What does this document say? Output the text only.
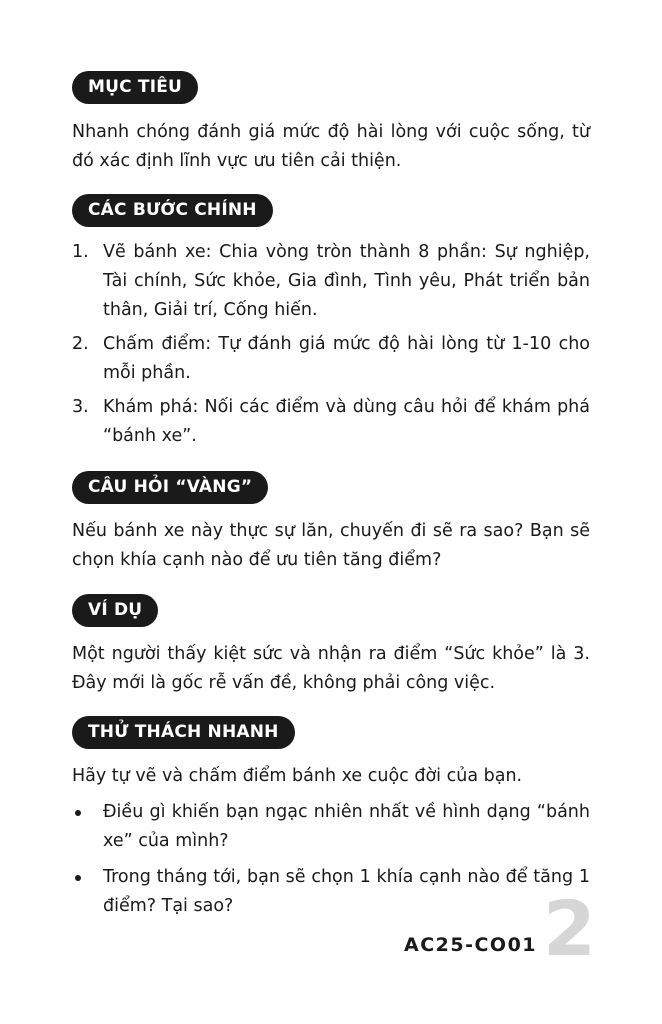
MỤC TIÊU

Nhanh chóng đánh giá mức độ hài lòng với cuộc sống, từ đó xác định lĩnh vực ưu tiên cải thiện.

CÁC BƯỚC CHÍNH
1. Vẽ bánh xe: Chia vòng tròn thành 8 phần: Sự nghiệp, Tài chính, Sức khỏe, Gia đình, Tình yêu, Phát triển bản thân, Giải trí, Cống hiến.
2. Chấm điểm: Tự đánh giá mức độ hài lòng từ 1-10 cho mỗi phần.
3. Khám phá: Nối các điểm và dùng câu hỏi để khám phá “bánh xe”.
CÂU HỎI “VÀNG”

Nếu bánh xe này thực sự lăn, chuyến đi sẽ ra sao? Bạn sẽ chọn khía cạnh nào để ưu tiên tăng điểm?

VÍ DỤ

Một người thấy kiệt sức và nhận ra điểm “Sức khỏe” là 3. Đây mới là gốc rễ vấn đề, không phải công việc.

THỬ THÁCH NHANH

Hãy tự vẽ và chấm điểm bánh xe cuộc đời của bạn.

Điều gì khiến bạn ngạc nhiên nhất về hình dạng “bánh xe” của mình?
Trong tháng tới, bạn sẽ chọn 1 khía cạnh nào để tăng 1 điểm? Tại sao?
AC25-CO01 2
